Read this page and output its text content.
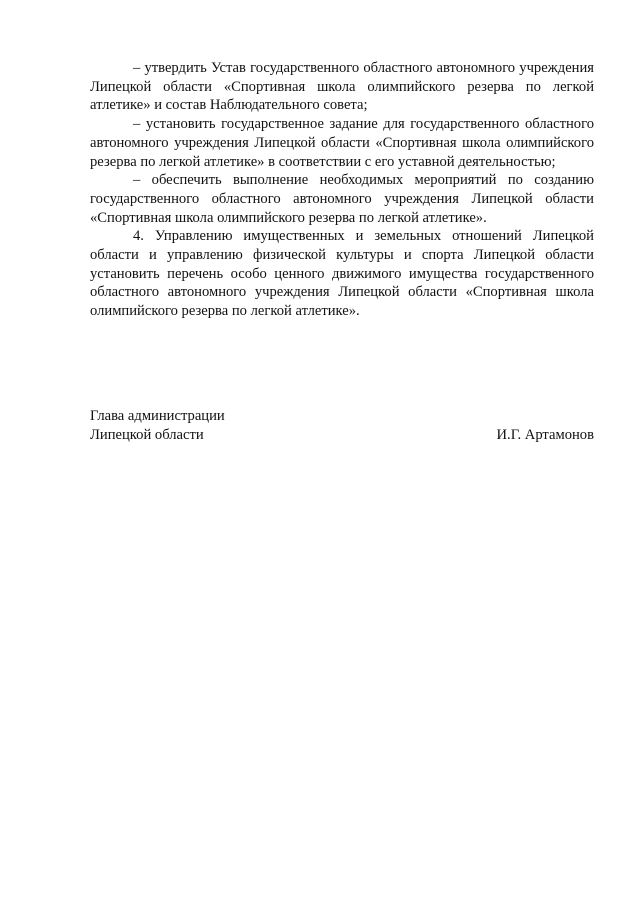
– утвердить Устав государственного областного автономного учреждения Липецкой области «Спортивная школа олимпийского резерва по легкой атлетике» и состав Наблюдательного совета;

– установить государственное задание для государственного областного автономного учреждения Липецкой области «Спортивная школа олимпийского резерва по легкой атлетике» в соответствии с его уставной деятельностью;

– обеспечить выполнение необходимых мероприятий по созданию государственного областного автономного учреждения Липецкой области «Спортивная школа олимпийского резерва по легкой атлетике».

4. Управлению имущественных и земельных отношений Липецкой области и управлению физической культуры и спорта Липецкой области установить перечень особо ценного движимого имущества государственного областного автономного учреждения Липецкой области «Спортивная школа олимпийского резерва по легкой атлетике».

Глава администрации
Липецкой области	И.Г. Артамонов
